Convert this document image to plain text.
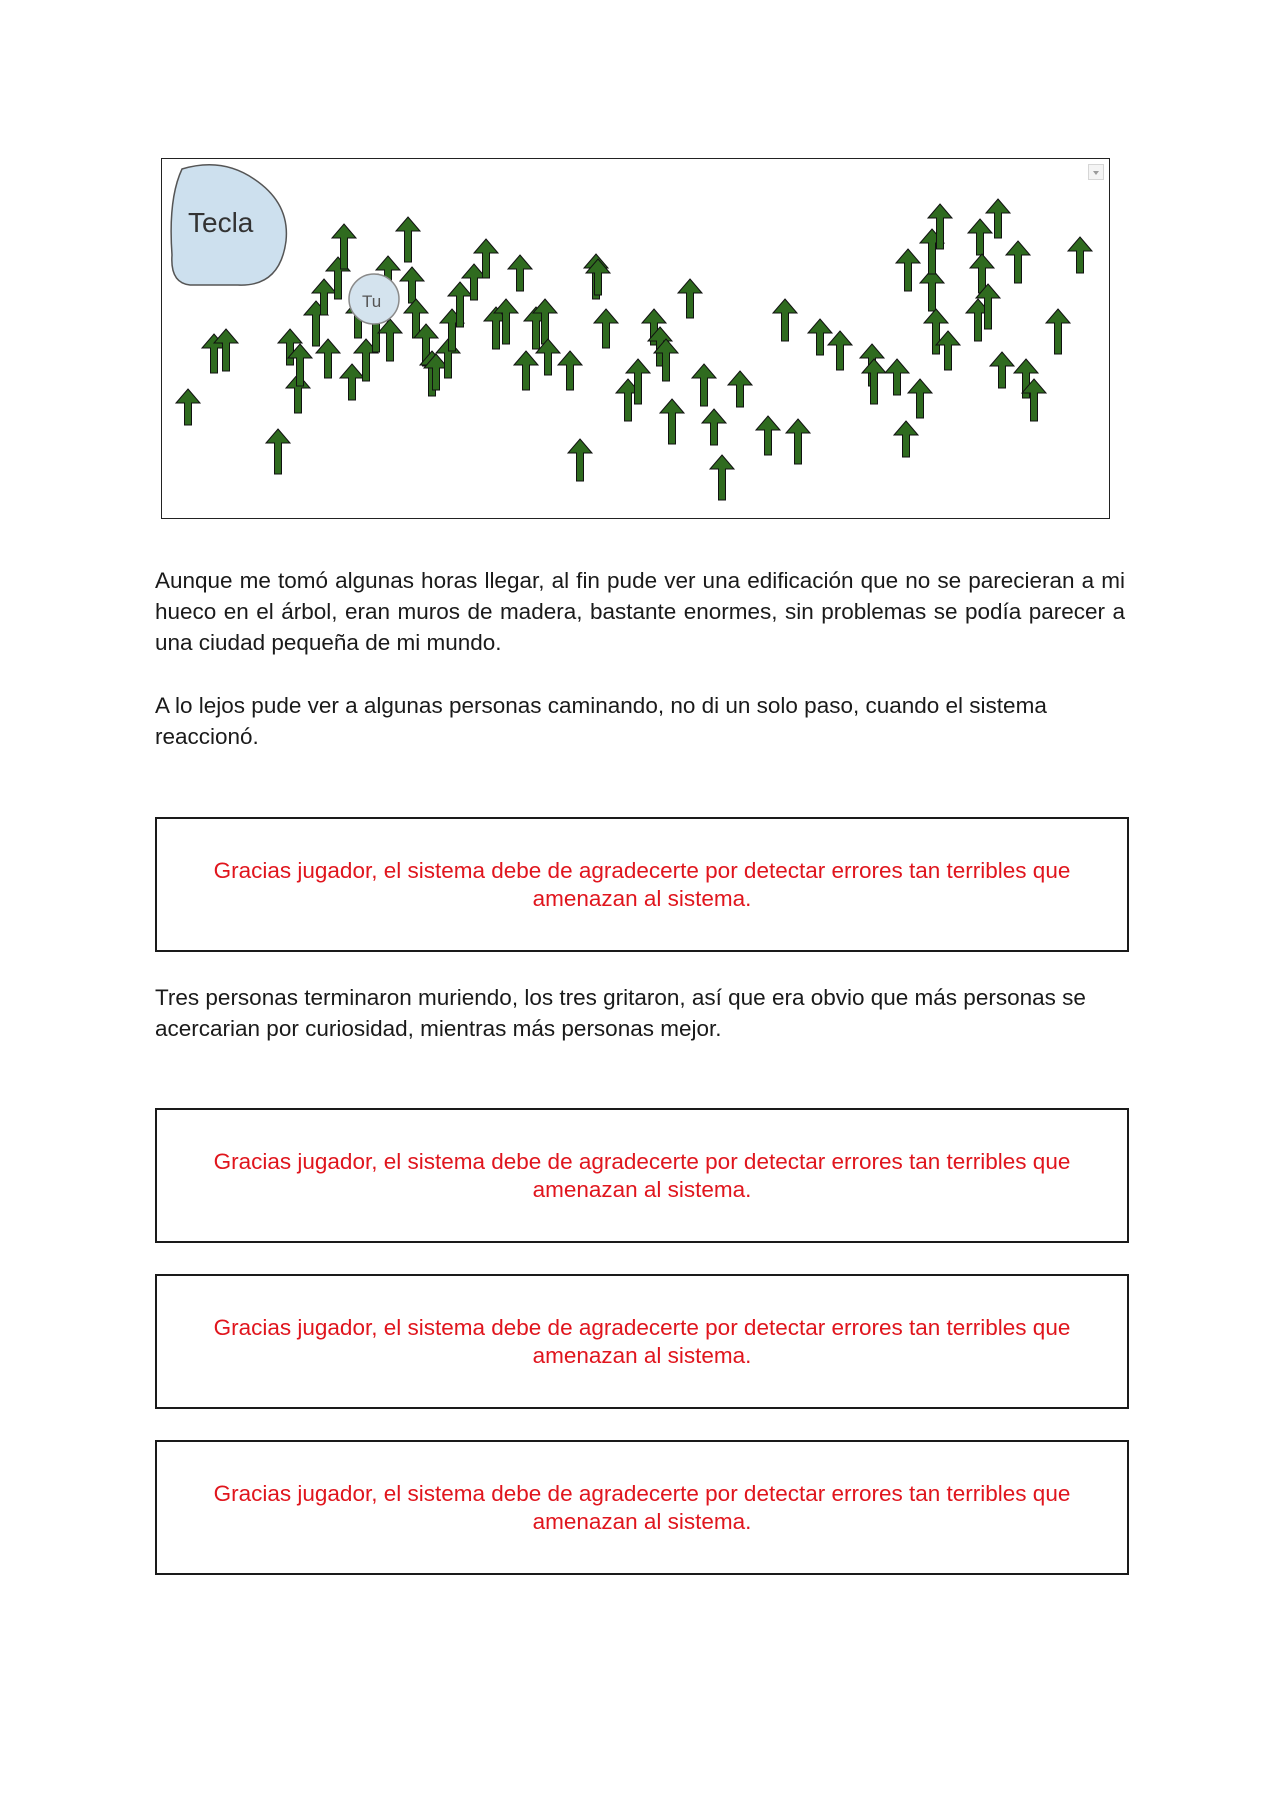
Tecla
Tu

Aunque me tomó algunas horas llegar, al fin pude ver una edificación que no se parecieran a mi hueco en el árbol, eran muros de madera, bastante enormes, sin problemas se podía parecer a una ciudad pequeña de mi mundo.

A lo lejos pude ver a algunas personas caminando, no di un solo paso, cuando el sistema reaccionó.

Gracias jugador, el sistema debe de agradecerte por detectar errores tan terribles que amenazan al sistema.

Tres personas terminaron muriendo, los tres gritaron, así que era obvio que más personas se acercarian por curiosidad, mientras más personas mejor.

Gracias jugador, el sistema debe de agradecerte por detectar errores tan terribles que amenazan al sistema.
Gracias jugador, el sistema debe de agradecerte por detectar errores tan terribles que amenazan al sistema.
Gracias jugador, el sistema debe de agradecerte por detectar errores tan terribles que amenazan al sistema.
